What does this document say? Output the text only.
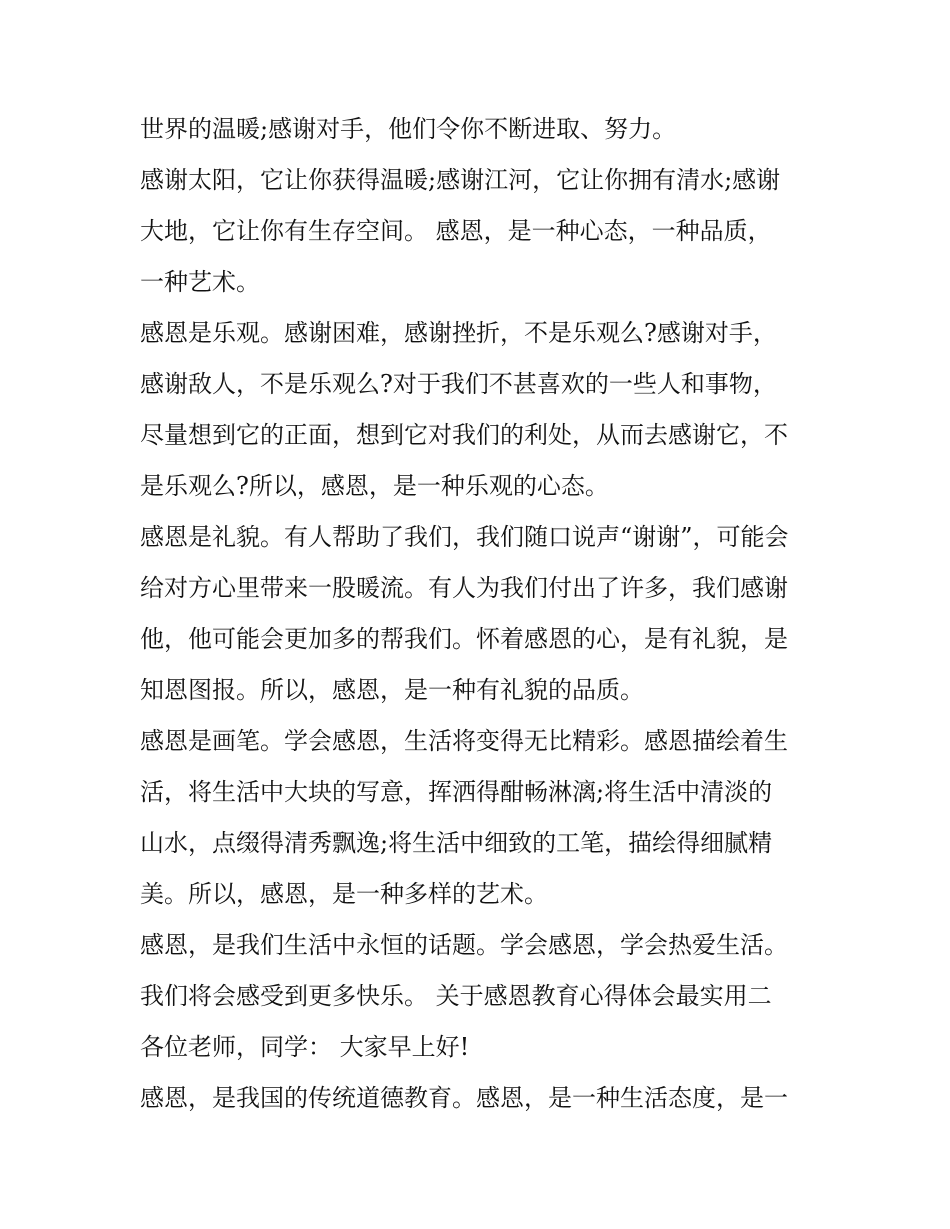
世界的温暖;感谢对手，他们令你不断进取、努力。
感谢太阳，它让你获得温暖;感谢江河，它让你拥有清水;感谢
大地，它让你有生存空间。 感恩，是一种心态，一种品质，
一种艺术。
感恩是乐观。感谢困难，感谢挫折，不是乐观么?感谢对手，
感谢敌人，不是乐观么?对于我们不甚喜欢的一些人和事物，
尽量想到它的正面，想到它对我们的利处，从而去感谢它，不
是乐观么?所以，感恩，是一种乐观的心态。
感恩是礼貌。有人帮助了我们，我们随口说声“谢谢”，可能会
给对方心里带来一股暖流。有人为我们付出了许多，我们感谢
他，他可能会更加多的帮我们。怀着感恩的心，是有礼貌，是
知恩图报。所以，感恩，是一种有礼貌的品质。
感恩是画笔。学会感恩，生活将变得无比精彩。感恩描绘着生
活，将生活中大块的写意，挥洒得酣畅淋漓;将生活中清淡的
山水，点缀得清秀飘逸;将生活中细致的工笔，描绘得细腻精
美。所以，感恩，是一种多样的艺术。
感恩，是我们生活中永恒的话题。学会感恩，学会热爱生活。
我们将会感受到更多快乐。 关于感恩教育心得体会最实用二
各位老师，同学： 大家早上好!
感恩，是我国的传统道德教育。感恩，是一种生活态度，是一
